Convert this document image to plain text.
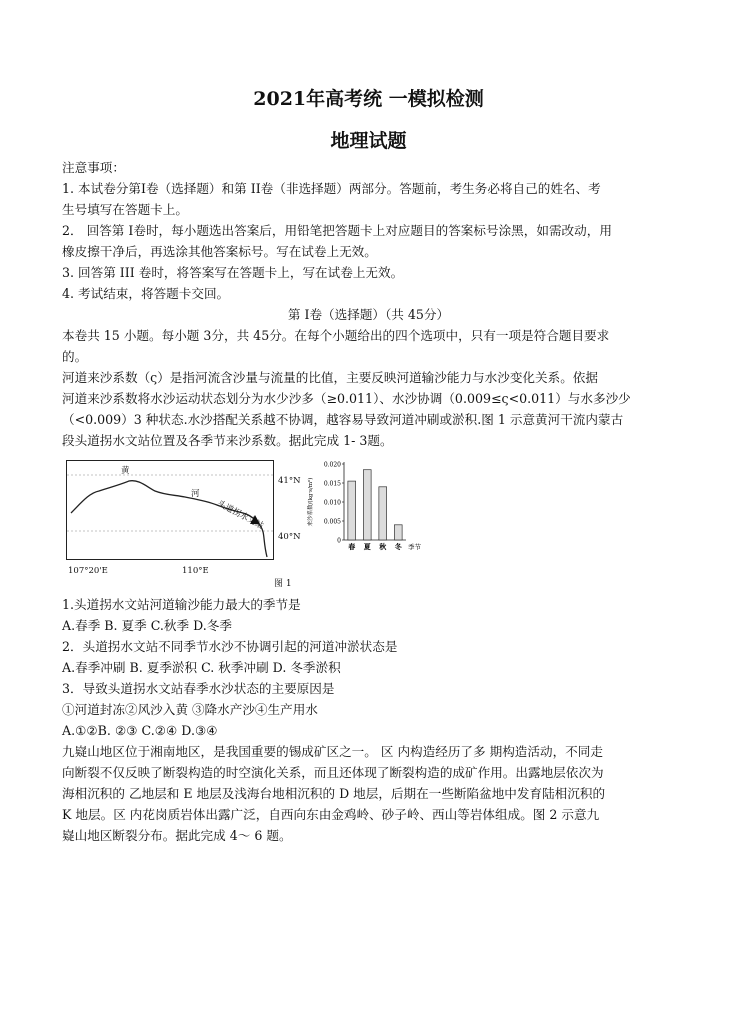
2021年高考统 一模拟检测
地理试题
注意事项：
1. 本试卷分第I卷（选择题）和第 II卷（非选择题）两部分。答题前，考生务必将自己的姓名、考
生号填写在答题卡上。
2． 回答第 I卷时，每小题选出答案后，用铅笔把答题卡上对应题目的答案标号涂黑，如需改动，用
橡皮擦干净后，再选涂其他答案标号。写在试卷上无效。
3. 回答第 III 卷时，将答案写在答题卡上，写在试卷上无效。
4. 考试结束，将答题卡交回。
第 I卷（选择题）（共 45分）
本卷共 15 小题。每小题 3分，共 45分。在每个小题给出的四个选项中，只有一项是符合题目要求
的。
河道来沙系数（ς）是指河流含沙量与流量的比值，主要反映河道输沙能力与水沙变化关系。依据
河道来沙系数将水沙运动状态划分为水少沙多（≥0.011）、水沙协调（0.009≤ς<0.011）与水多沙少
（<0.009）3 种状态.水沙搭配关系越不协调，越容易导致河道冲刷或淤积.图 1 示意黄河干流内蒙古
段头道拐水文站位置及各季节来沙系数。据此完成 1- 3题。
黄
河
头道拐水文站
41°N
40°N
107°20'E	110°E
图 1
0
0.005
0.010
0.015
0.020
春 夏 秋 冬 季节
来沙系数/(kg·s/m⁶)
1.头道拐水文站河道输沙能力最大的季节是
A.春季 B. 夏季 C.秋季 D.冬季
2．头道拐水文站不同季节水沙不协调引起的河道冲淤状态是
A.春季冲刷 B. 夏季淤积 C. 秋季冲刷 D. 冬季淤积
3．导致头道拐水文站春季水沙状态的主要原因是
①河道封冻②风沙入黄 ③降水产沙④生产用水
A.①②B. ②③ C.②④ D.③④
九嶷山地区位于湘南地区，是我国重要的锡成矿区之一。 区 内构造经历了多 期构造活动，不同走
向断裂不仅反映了断裂构造的时空演化关系，而且还体现了断裂构造的成矿作用。出露地层依次为
海相沉积的 乙地层和 E 地层及浅海台地相沉积的 D 地层，后期在一些断陷盆地中发育陆相沉积的
K 地层。区 内花岗质岩体出露广泛，自西向东由金鸡岭、砂子岭、西山等岩体组成。图 2 示意九
嶷山地区断裂分布。据此完成 4～ 6 题。
